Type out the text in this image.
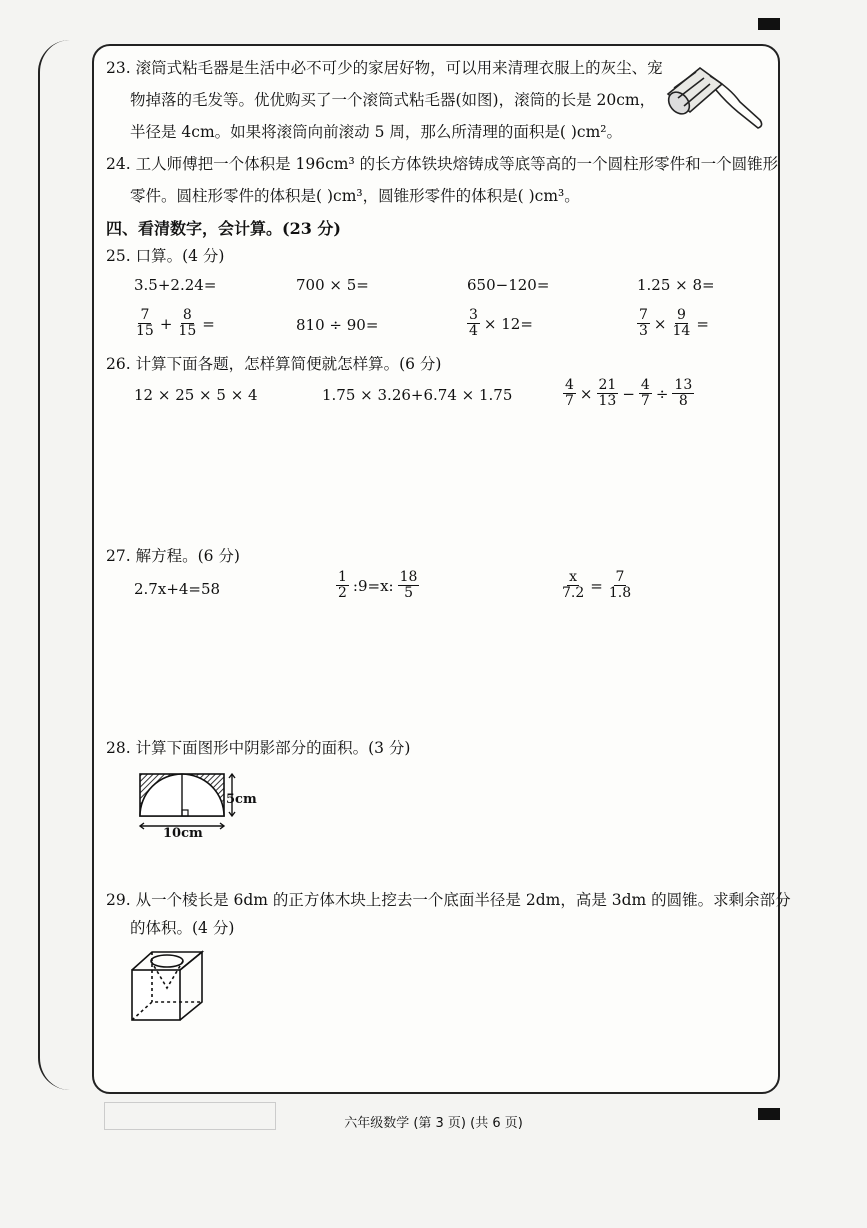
23. 滚筒式粘毛器是生活中必不可少的家居好物，可以用来清理衣服上的灰尘、宠
物掉落的毛发等。优优购买了一个滚筒式粘毛器(如图)，滚筒的长是 20cm，
半径是 4cm。如果将滚筒向前滚动 5 周，那么所清理的面积是( )cm²。
24. 工人师傅把一个体积是 196cm³ 的长方体铁块熔铸成等底等高的一个圆柱形零件和一个圆锥形
零件。圆柱形零件的体积是( )cm³，圆锥形零件的体积是( )cm³。
四、看清数字，会计算。(23 分)
25. 口算。(4 分)
3.5+2.24=	700 × 5=	650−120=	1.25 × 8=
$\frac{7}{15} + \frac{8}{15}$ =	810 ÷ 90=	$\frac{3}{4} \times 12=$	$\frac{7}{3} \times \frac{9}{14}$ =
26. 计算下面各题，怎样算简便就怎样算。(6 分)
12 × 25 × 5 × 4	1.75 × 3.26+6.74 × 1.75	$\frac{4}{7} \times \frac{21}{13} - \frac{4}{7} \div \frac{13}{8}$
27. 解方程。(6 分)
2.7x+4=58	$\frac{1}{2}$ :9=x: $\frac{18}{5}$	$\frac{x}{7.2} = \frac{7}{1.8}$
28. 计算下面图形中阴影部分的面积。(3 分)
5cm
10cm
29. 从一个棱长是 6dm 的正方体木块上挖去一个底面半径是 2dm，高是 3dm 的圆锥。求剩余部分
的体积。(4 分)
六年级数学 (第 3 页) (共 6 页)
